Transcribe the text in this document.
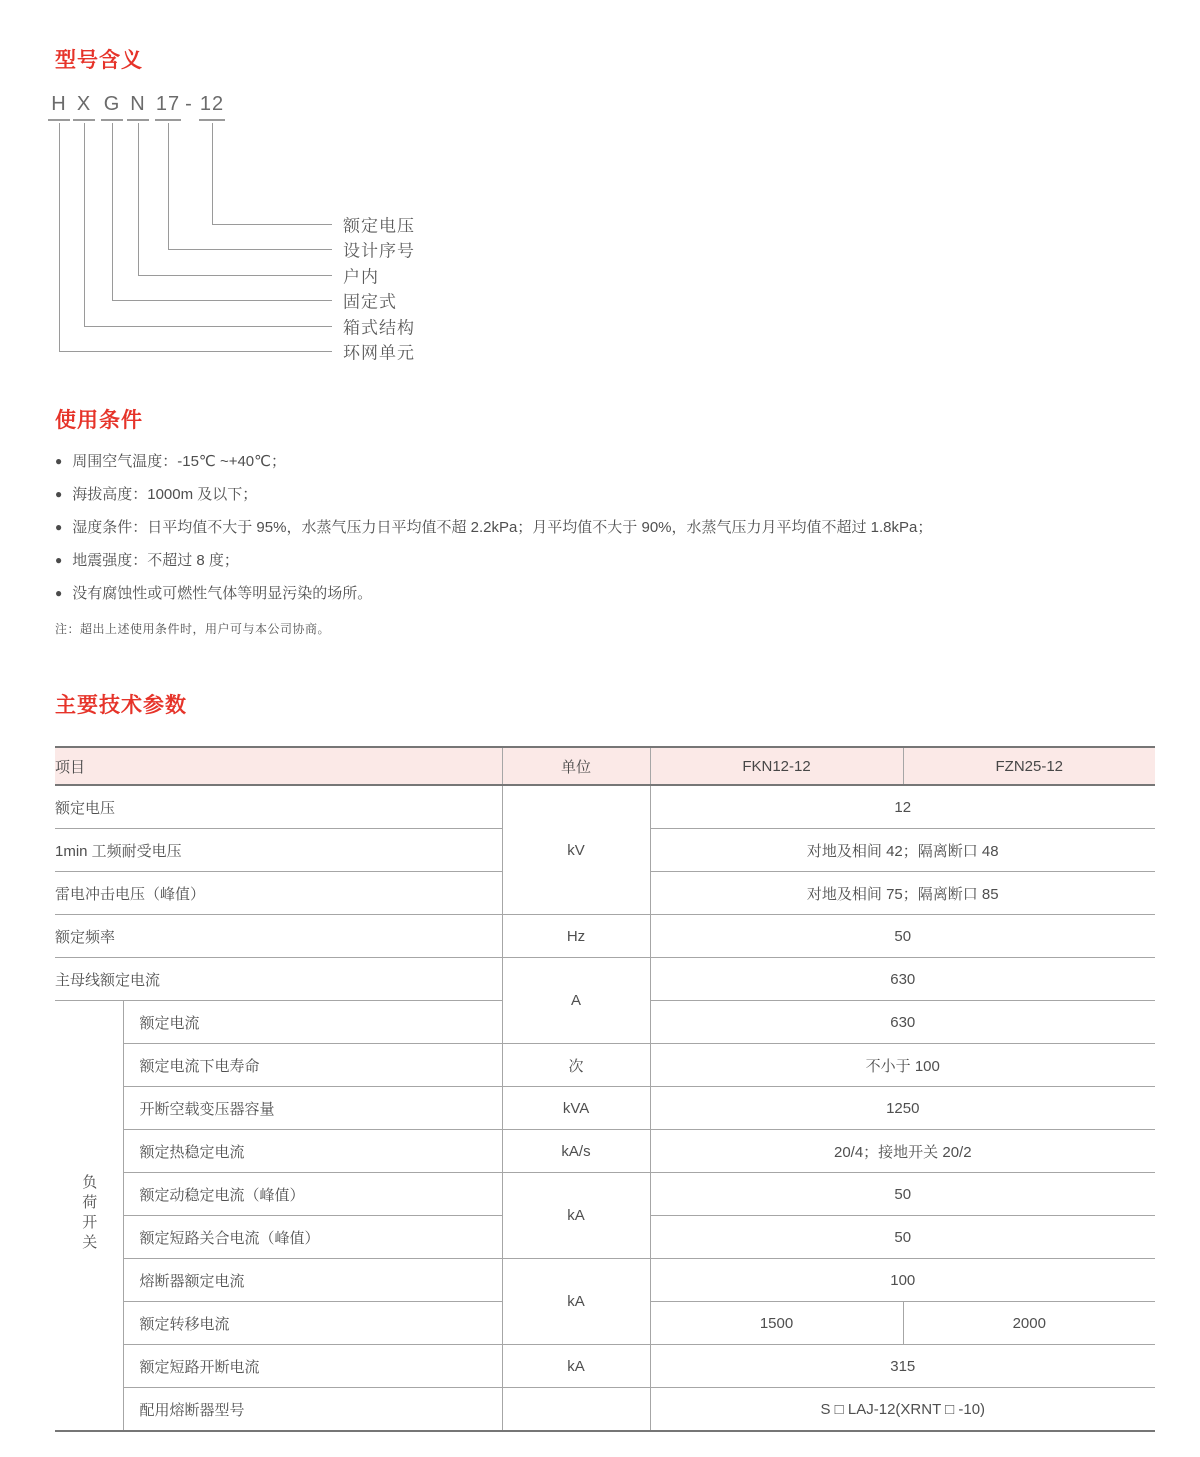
型号含义
H X G N 17 - 12
额定电压
设计序号
户内
固定式
箱式结构
环网单元
使用条件
● 周围空气温度：-15℃ ~+40℃；
● 海拔高度：1000m 及以下；
● 湿度条件：日平均值不大于 95%，水蒸气压力日平均值不超 2.2kPa；月平均值不大于 90%，水蒸气压力月平均值不超过 1.8kPa；
● 地震强度：不超过 8 度；
● 没有腐蚀性或可燃性气体等明显污染的场所。

注：超出上述使用条件时，用户可与本公司协商。

主要技术参数
项目		单位	FKN12-12	FZN25-12
额定电压		kV	12	
1min 工频耐受电压			对地及相间 42；隔离断口 48	
雷电冲击电压（峰值）			对地及相间 75；隔离断口 85	
额定频率		Hz	50	
主母线额定电流		A	630	
负荷开关	额定电流		630	
	额定电流下电寿命	次	不小于 100	
	开断空载变压器容量	kVA	1250	
	额定热稳定电流	kA/s	20/4；接地开关 20/2	
	额定动稳定电流（峰值）	kA	50	
	额定短路关合电流（峰值）		50	
	熔断器额定电流	kA	100	
	额定转移电流		1500	2000
	额定短路开断电流	kA	315	
	配用熔断器型号		S □ LAJ-12(XRNT □ -10)	
